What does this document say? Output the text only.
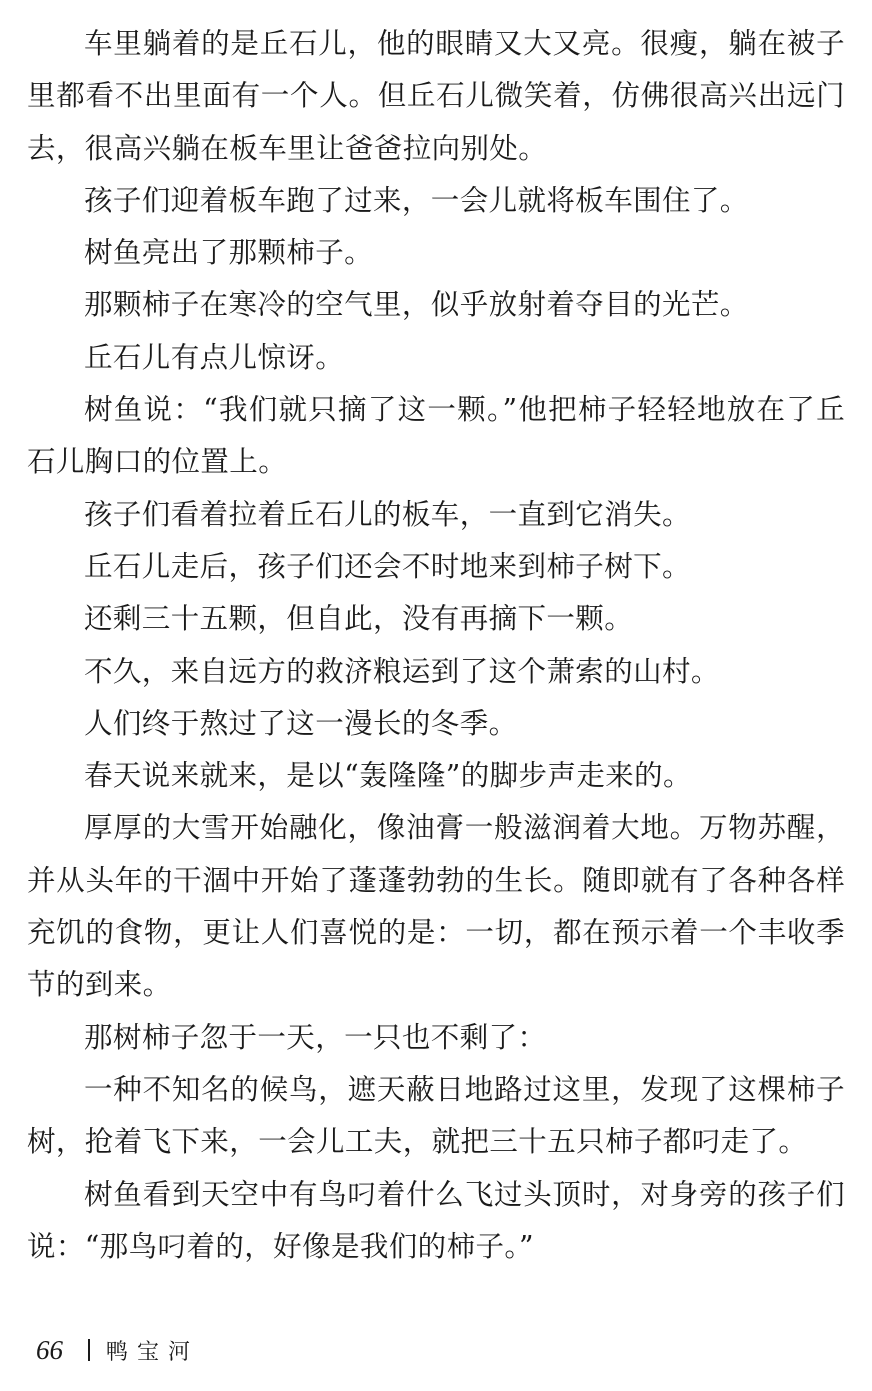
车里躺着的是丘石儿，他的眼睛又大又亮。很瘦，躺在被子里都看不出里面有一个人。但丘石儿微笑着，仿佛很高兴出远门去，很高兴躺在板车里让爸爸拉向别处。

孩子们迎着板车跑了过来，一会儿就将板车围住了。

树鱼亮出了那颗柿子。

那颗柿子在寒冷的空气里，似乎放射着夺目的光芒。

丘石儿有点儿惊讶。

树鱼说：“我们就只摘了这一颗。”他把柿子轻轻地放在了丘石儿胸口的位置上。

孩子们看着拉着丘石儿的板车，一直到它消失。

丘石儿走后，孩子们还会不时地来到柿子树下。

还剩三十五颗，但自此，没有再摘下一颗。

不久，来自远方的救济粮运到了这个萧索的山村。

人们终于熬过了这一漫长的冬季。

春天说来就来，是以“轰隆隆”的脚步声走来的。

厚厚的大雪开始融化，像油膏一般滋润着大地。万物苏醒，并从头年的干涸中开始了蓬蓬勃勃的生长。随即就有了各种各样充饥的食物，更让人们喜悦的是：一切，都在预示着一个丰收季节的到来。

那树柿子忽于一天，一只也不剩了：

一种不知名的候鸟，遮天蔽日地路过这里，发现了这棵柿子树，抢着飞下来，一会儿工夫，就把三十五只柿子都叼走了。

树鱼看到天空中有鸟叼着什么飞过头顶时，对身旁的孩子们说：“那鸟叼着的，好像是我们的柿子。”

66 鸭宝河
